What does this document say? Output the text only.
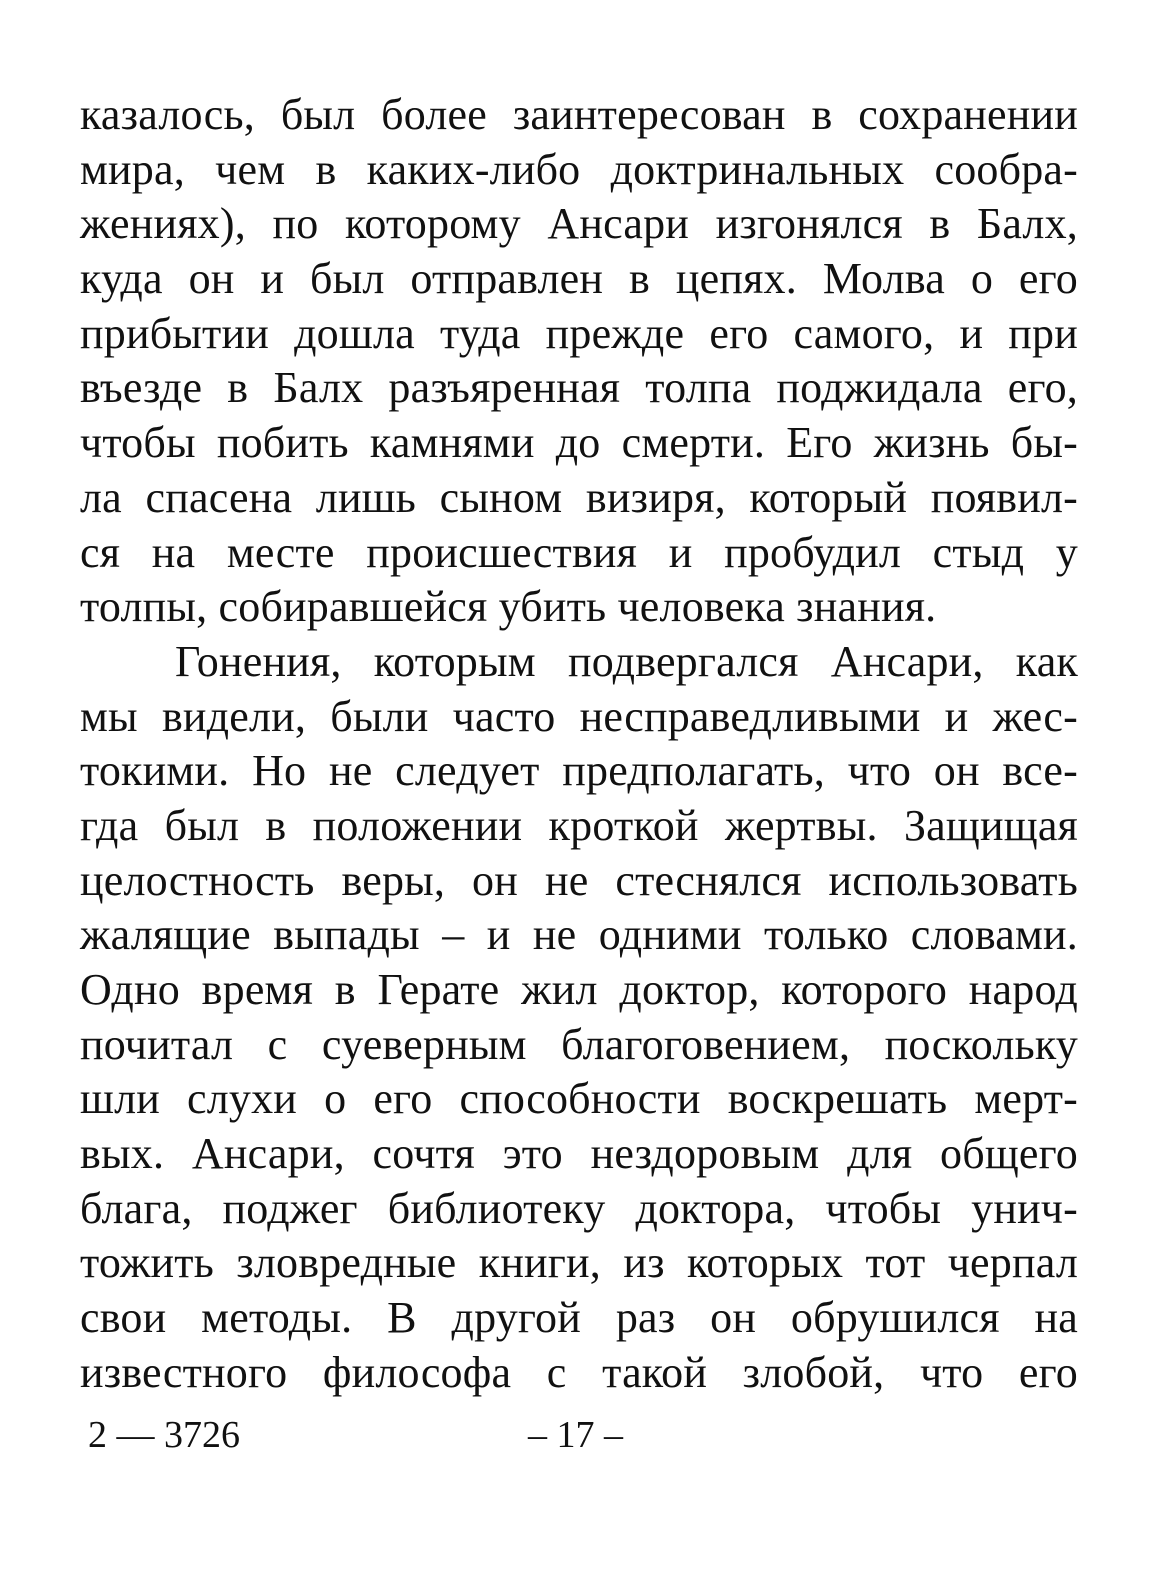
казалось, был более заинтересован в сохранении
мира, чем в каких-либо доктринальных сообра-
жениях), по которому Ансари изгонялся в Балх,
куда он и был отправлен в цепях. Молва о его
прибытии дошла туда прежде его самого, и при
въезде в Балх разъяренная толпа поджидала его,
чтобы побить камнями до смерти. Его жизнь бы-
ла спасена лишь сыном визиря, который появил-
ся на месте происшествия и пробудил стыд у
толпы, собиравшейся убить человека знания.
Гонения, которым подвергался Ансари, как
мы видели, были часто несправедливыми и жес-
токими. Но не следует предполагать, что он все-
гда был в положении кроткой жертвы. Защищая
целостность веры, он не стеснялся использовать
жалящие выпады – и не одними только словами.
Одно время в Герате жил доктор, которого народ
почитал с суеверным благоговением, поскольку
шли слухи о его способности воскрешать мерт-
вых. Ансари, сочтя это нездоровым для общего
блага, поджег библиотеку доктора, чтобы унич-
тожить зловредные книги, из которых тот черпал
свои методы. В другой раз он обрушился на
известного философа с такой злобой, что его
2 — 3726	– 17 –
